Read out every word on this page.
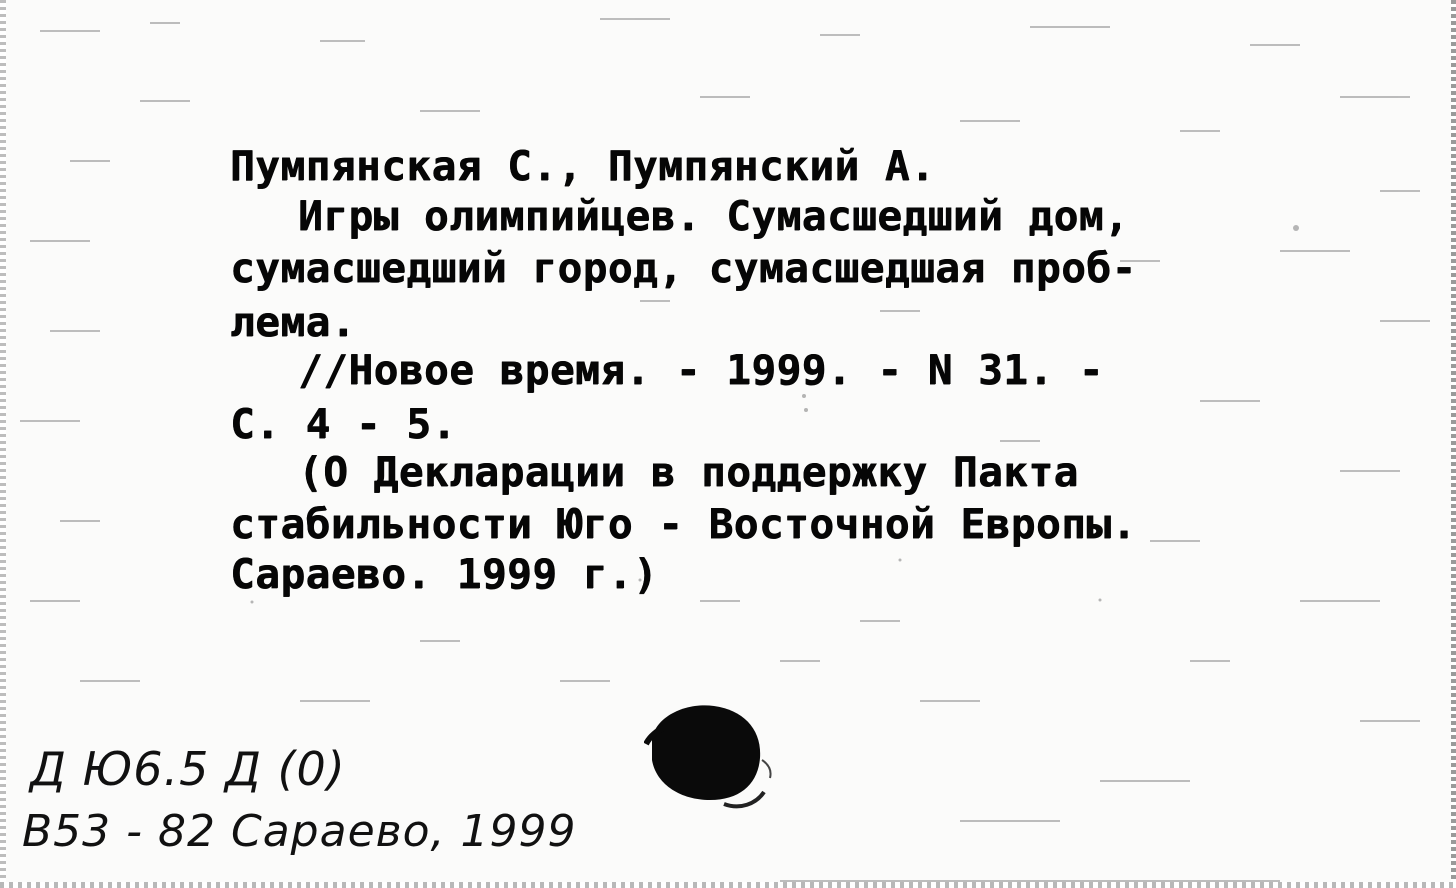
Пумпянская С., Пумпянский А.

Игры олимпийцев. Сумасшедший дом,

сумасшедший город, сумасшедшая проб-

лема.

//Новое время. - 1999. - N 31. -

С. 4 - 5.

(О Декларации в поддержку Пакта

стабильности Юго - Восточной Европы.

Сараево. 1999 г.)

Д Ю6.5 Д (0)
B53 - 82 Сараево, 1999
